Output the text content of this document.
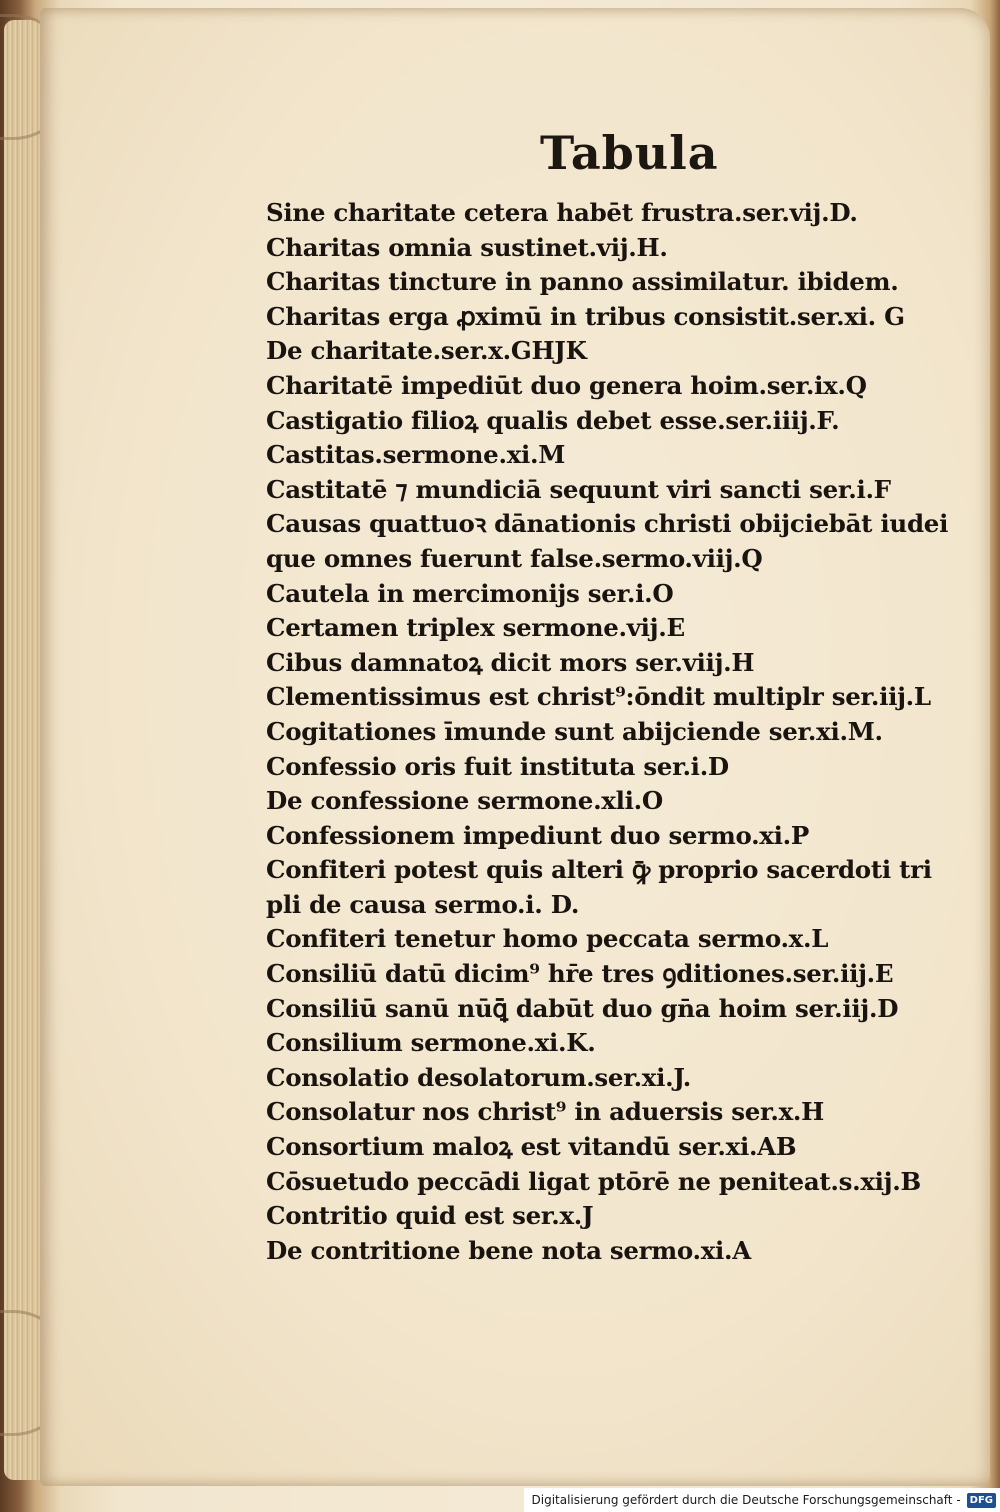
Tabula
Sine charitate cetera habēt frustra.ser.vij.D.
Charitas omnia sustinet.vij.H.
Charitas tincture in panno assimilatur. ibidem.
Charitas erga ꝓximū in tribus consistit.ser.xi. G
De charitate.ser.x.GHJK
Charitatē impediūt duo genera hoim.ser.ix.Q
Castigatio filioꝝ qualis debet esse.ser.iiij.F.
Castitas.sermone.xi.M
Castitatē ⁊ mundiciā sequunt viri sancti ser.i.F
Causas quattuoꝛ dānationis christi obijciebāt iudei
que omnes fuerunt false.sermo.viij.Q
Cautela in mercimonijs ser.i.O
Certamen triplex sermone.vij.E
Cibus damnatoꝝ dicit mors ser.viij.H
Clementissimus est christ⁹:ōndit multiplr ser.iij.L
Cogitationes īmunde sunt abijciende ser.xi.M.
Confessio oris fuit instituta ser.i.D
De confessione sermone.xli.O
Confessionem impediunt duo sermo.xi.P
Confiteri potest quis alteri ꝙ̄ proprio sacerdoti tri
pli de causa sermo.i. D.
Confiteri tenetur homo peccata sermo.x.L
Consiliū datū dicim⁹ hr̄e tres ꝯditiones.ser.iij.E
Consiliū sanū nūꝗ̄ dabūt duo gn̄a hoim ser.iij.D
Consilium sermone.xi.K.
Consolatio desolatorum.ser.xi.J.
Consolatur nos christ⁹ in aduersis ser.x.H
Consortium maloꝝ est vitandū ser.xi.AB
Cōsuetudo peccādi ligat ptōrē ne peniteat.s.xij.B
Contritio quid est ser.x.J
De contritione bene nota sermo.xi.A
Digitalisierung gefördert durch die Deutsche Forschungsgemeinschaft - DFG
